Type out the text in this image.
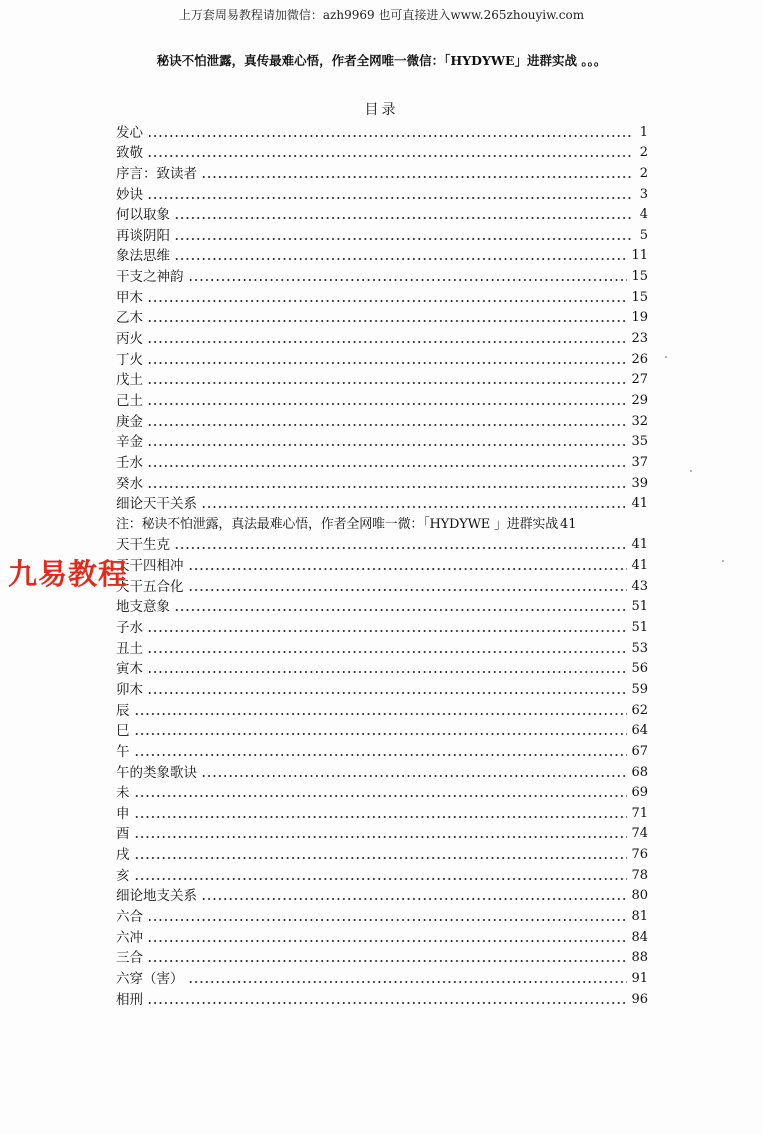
上万套周易教程请加微信：azh9969 也可直接进入www.265zhouyiw.com
秘诀不怕泄露，真传最难心悟，作者全网唯一微信：「HYDYWE」进群实战 。。。
目录
发心	1
致敬	2
序言：致读者	2
妙诀	3
何以取象	4
再谈阴阳	5
象法思维	11
干支之神韵	15
甲木	15
乙木	19
丙火	23
丁火	26
戊土	27
己土	29
庚金	32
辛金	35
壬水	37
癸水	39
细论天干关系	41
注：秘诀不怕泄露，真法最难心悟，作者全网唯一微：「HYDYWE 」进群实战 41
天干生克	41
天干四相冲	41
天干五合化	43
地支意象	51
子水	51
丑土	53
寅木	56
卯木	59
辰	62
巳	64
午	67
午的类象歌诀	68
未	69
申	71
酉	74
戌	76
亥	78
细论地支关系	80
六合	81
六冲	84
三合	88
六穿（害）	91
相刑	96
九易教程
